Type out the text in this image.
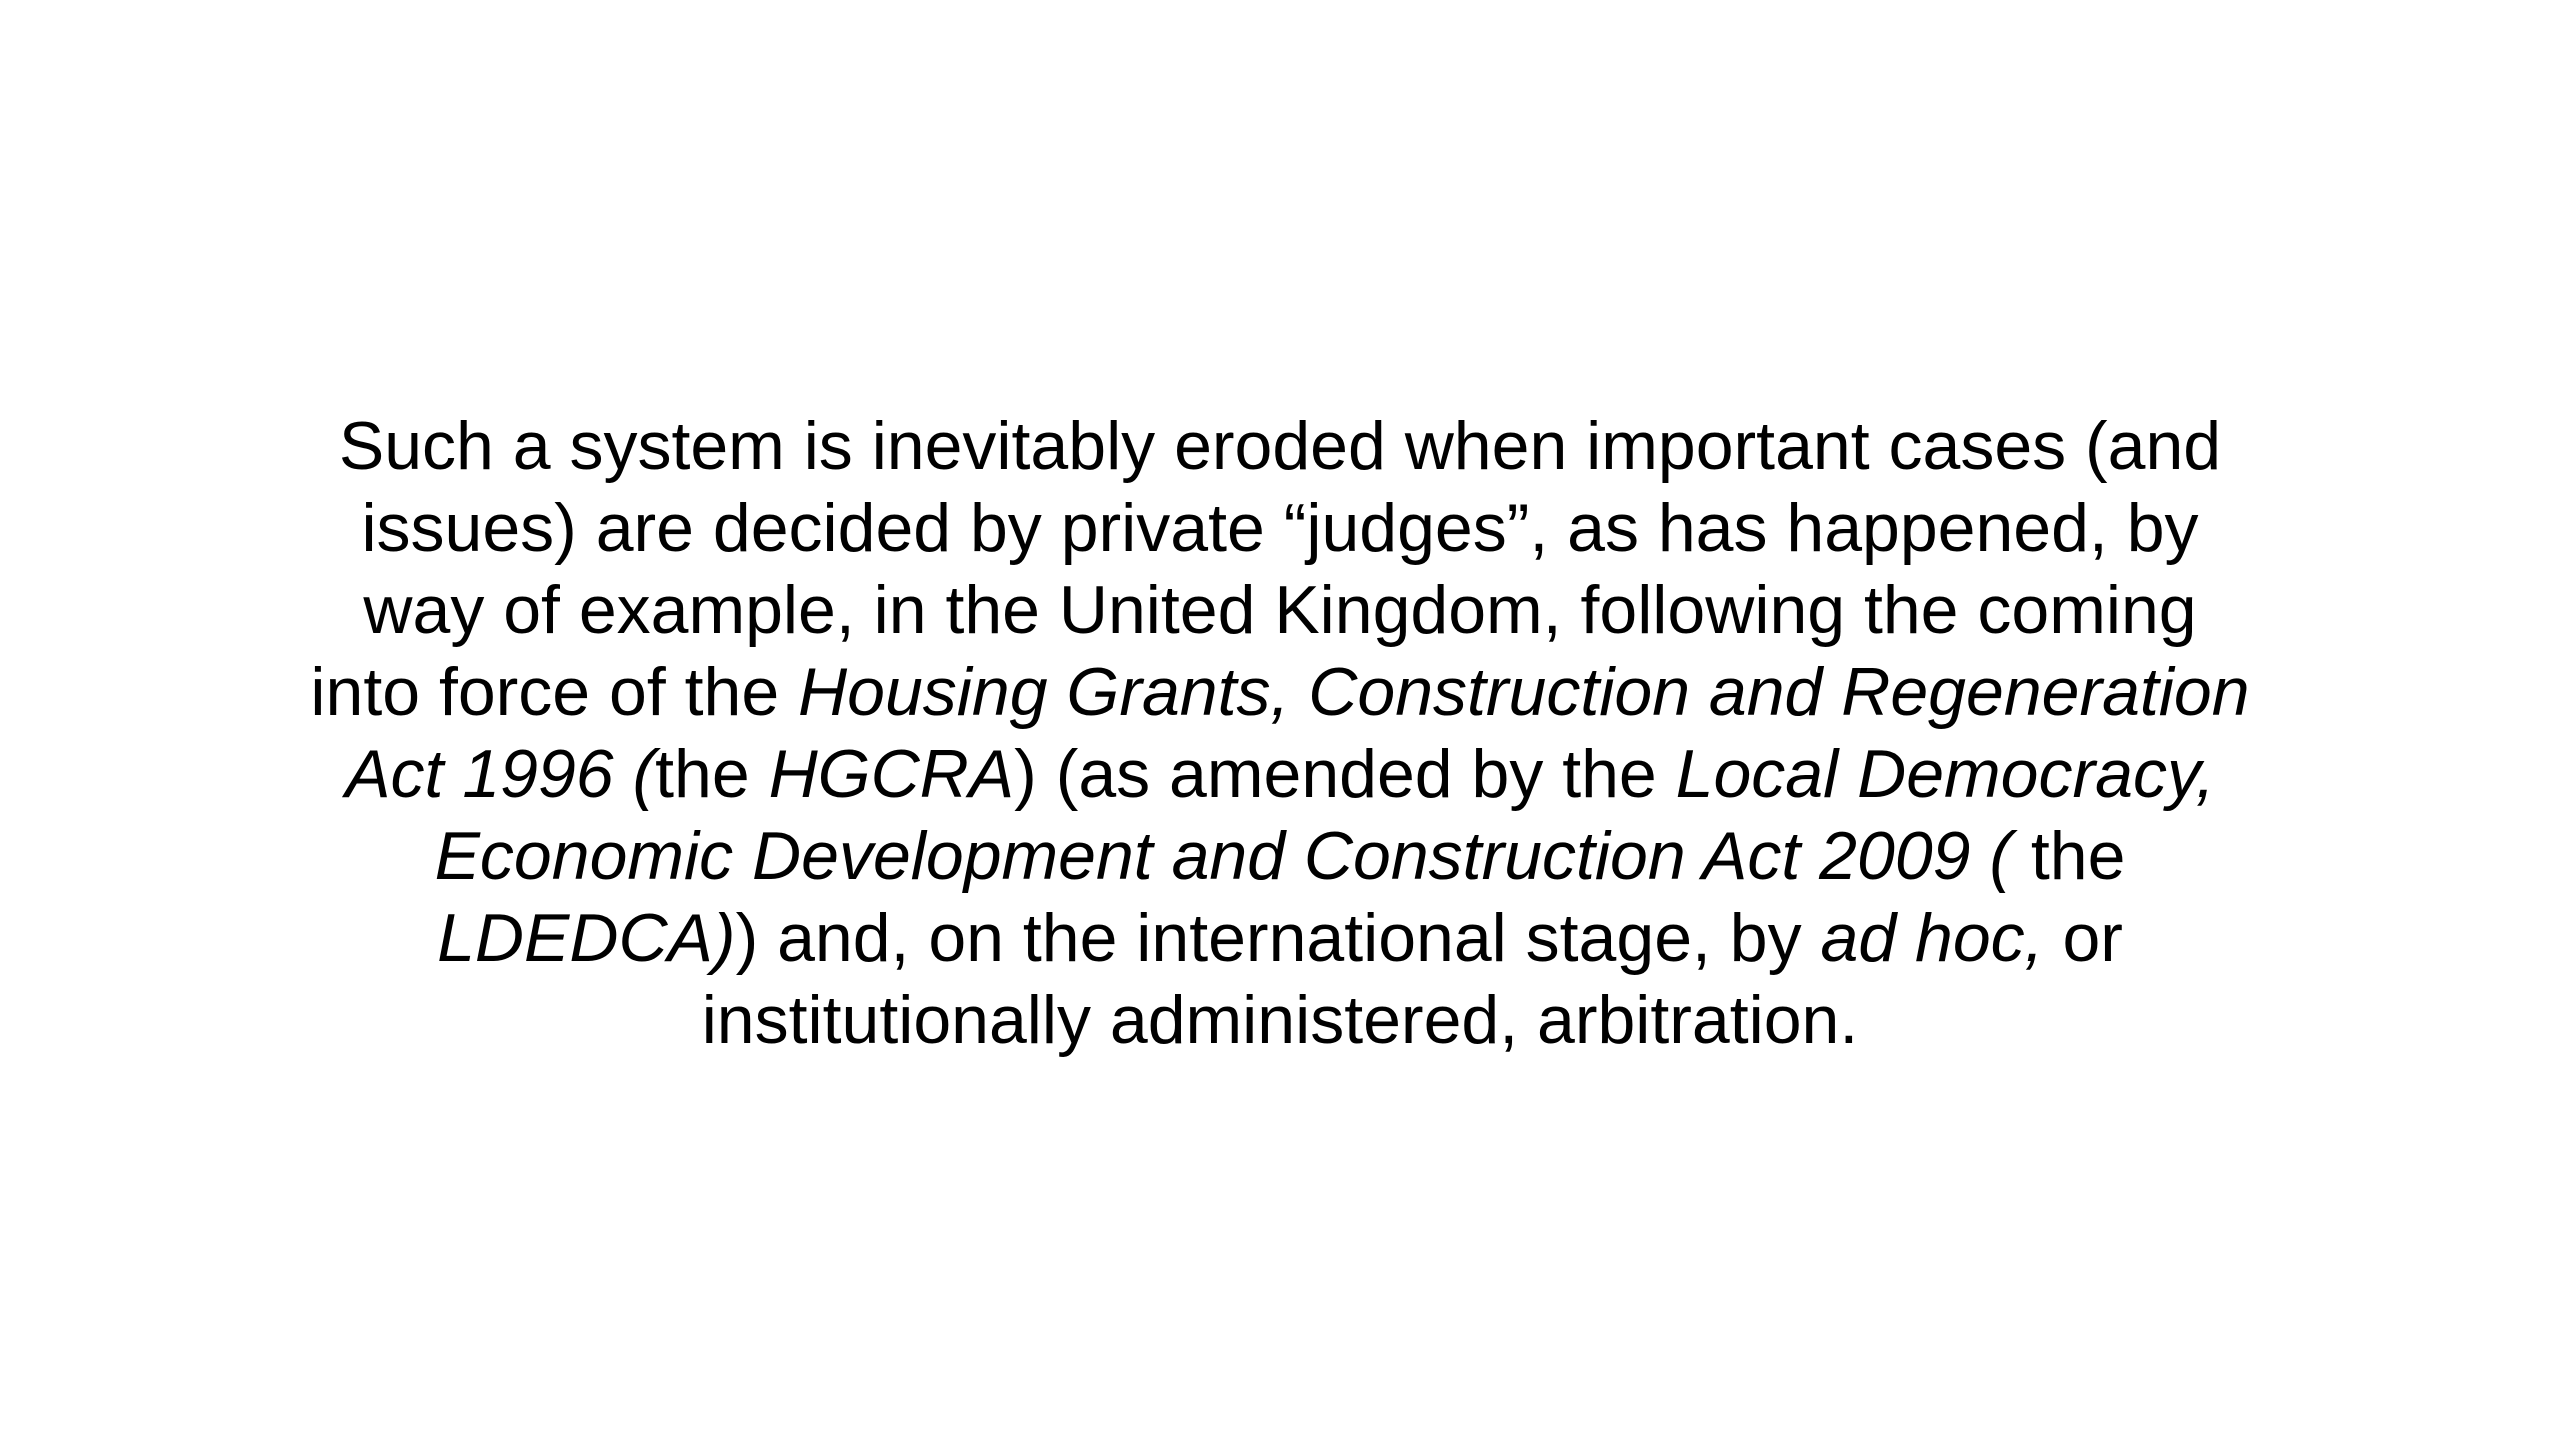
Such a system is inevitably eroded when important cases (and
issues) are decided by private “judges”, as has happened, by
way of example, in the United Kingdom, following the coming
into force of the Housing Grants, Construction and Regeneration
Act 1996 (the HGCRA) (as amended by the Local Democracy,
Economic Development and Construction Act 2009 ( the
LDEDCA)) and, on the international stage, by ad hoc, or
institutionally administered, arbitration.
